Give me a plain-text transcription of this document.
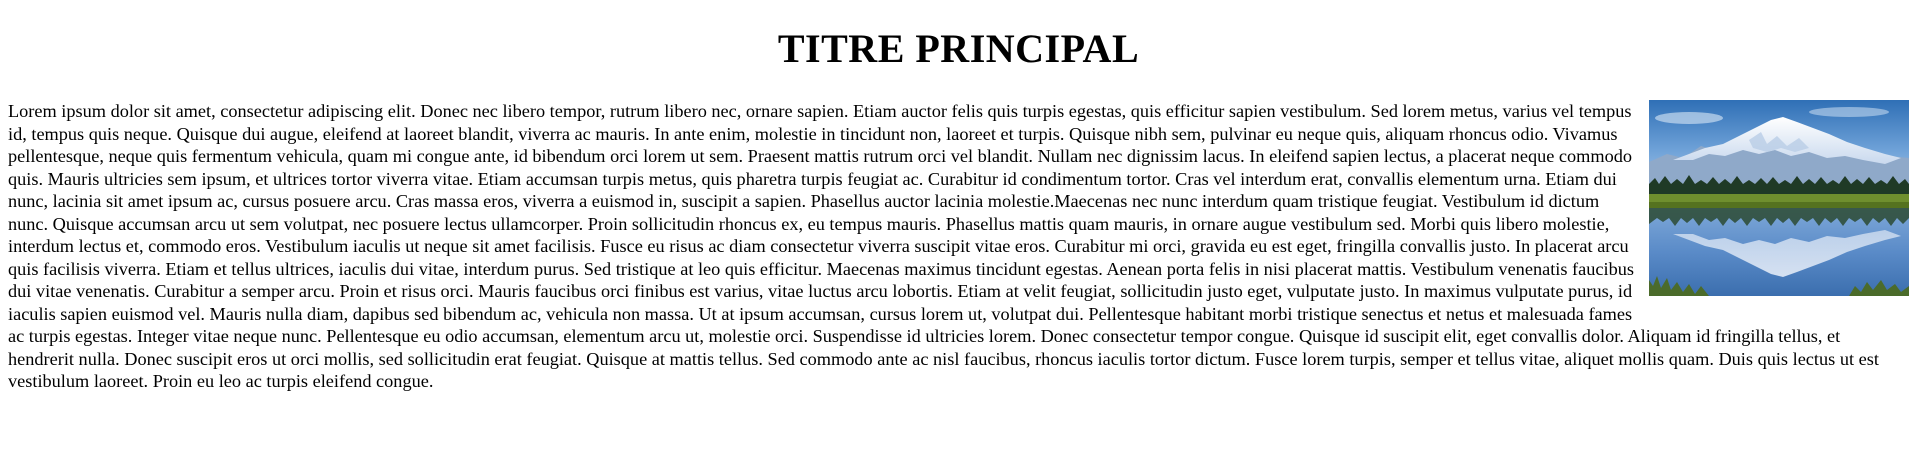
TITRE PRINCIPAL

Lorem ipsum dolor sit amet, consectetur adipiscing elit. Donec nec libero tempor, rutrum libero nec, ornare sapien. Etiam auctor felis quis turpis egestas, quis efficitur sapien vestibulum. Sed lorem metus, varius vel tempus id, tempus quis neque. Quisque dui augue, eleifend at laoreet blandit, viverra ac mauris. In ante enim, molestie in tincidunt non, laoreet et turpis. Quisque nibh sem, pulvinar eu neque quis, aliquam rhoncus odio. Vivamus pellentesque, neque quis fermentum vehicula, quam mi congue ante, id bibendum orci lorem ut sem. Praesent mattis rutrum orci vel blandit. Nullam nec dignissim lacus. In eleifend sapien lectus, a placerat neque commodo quis. Mauris ultricies sem ipsum, et ultrices tortor viverra vitae. Etiam accumsan turpis metus, quis pharetra turpis feugiat ac. Curabitur id condimentum tortor. Cras vel interdum erat, convallis elementum urna. Etiam dui nunc, lacinia sit amet ipsum ac, cursus posuere arcu. Cras massa eros, viverra a euismod in, suscipit a sapien. Phasellus auctor lacinia molestie.Maecenas nec nunc interdum quam tristique feugiat. Vestibulum id dictum nunc. Quisque accumsan arcu ut sem volutpat, nec posuere lectus ullamcorper. Proin sollicitudin rhoncus ex, eu tempus mauris. Phasellus mattis quam mauris, in ornare augue vestibulum sed. Morbi quis libero molestie, interdum lectus et, commodo eros. Vestibulum iaculis ut neque sit amet facilisis. Fusce eu risus ac diam consectetur viverra suscipit vitae eros. Curabitur mi orci, gravida eu est eget, fringilla convallis justo. In placerat arcu quis facilisis viverra. Etiam et tellus ultrices, iaculis dui vitae, interdum purus. Sed tristique at leo quis efficitur. Maecenas maximus tincidunt egestas. Aenean porta felis in nisi placerat mattis. Vestibulum venenatis faucibus dui vitae venenatis. Curabitur a semper arcu. Proin et risus orci. Mauris faucibus orci finibus est varius, vitae luctus arcu lobortis. Etiam at velit feugiat, sollicitudin justo eget, vulputate justo. In maximus vulputate purus, id iaculis sapien euismod vel. Mauris nulla diam, dapibus sed bibendum ac, vehicula non massa. Ut at ipsum accumsan, cursus lorem ut, volutpat dui. Pellentesque habitant morbi tristique senectus et netus et malesuada fames ac turpis egestas. Integer vitae neque nunc. Pellentesque eu odio accumsan, elementum arcu ut, molestie orci. Suspendisse id ultricies lorem. Donec consectetur tempor congue. Quisque id suscipit elit, eget convallis dolor. Aliquam id fringilla tellus, et hendrerit nulla. Donec suscipit eros ut orci mollis, sed sollicitudin erat feugiat. Quisque at mattis tellus. Sed commodo ante ac nisl faucibus, rhoncus iaculis tortor dictum. Fusce lorem turpis, semper et tellus vitae, aliquet mollis quam. Duis quis lectus ut est vestibulum laoreet. Proin eu leo ac turpis eleifend congue.
